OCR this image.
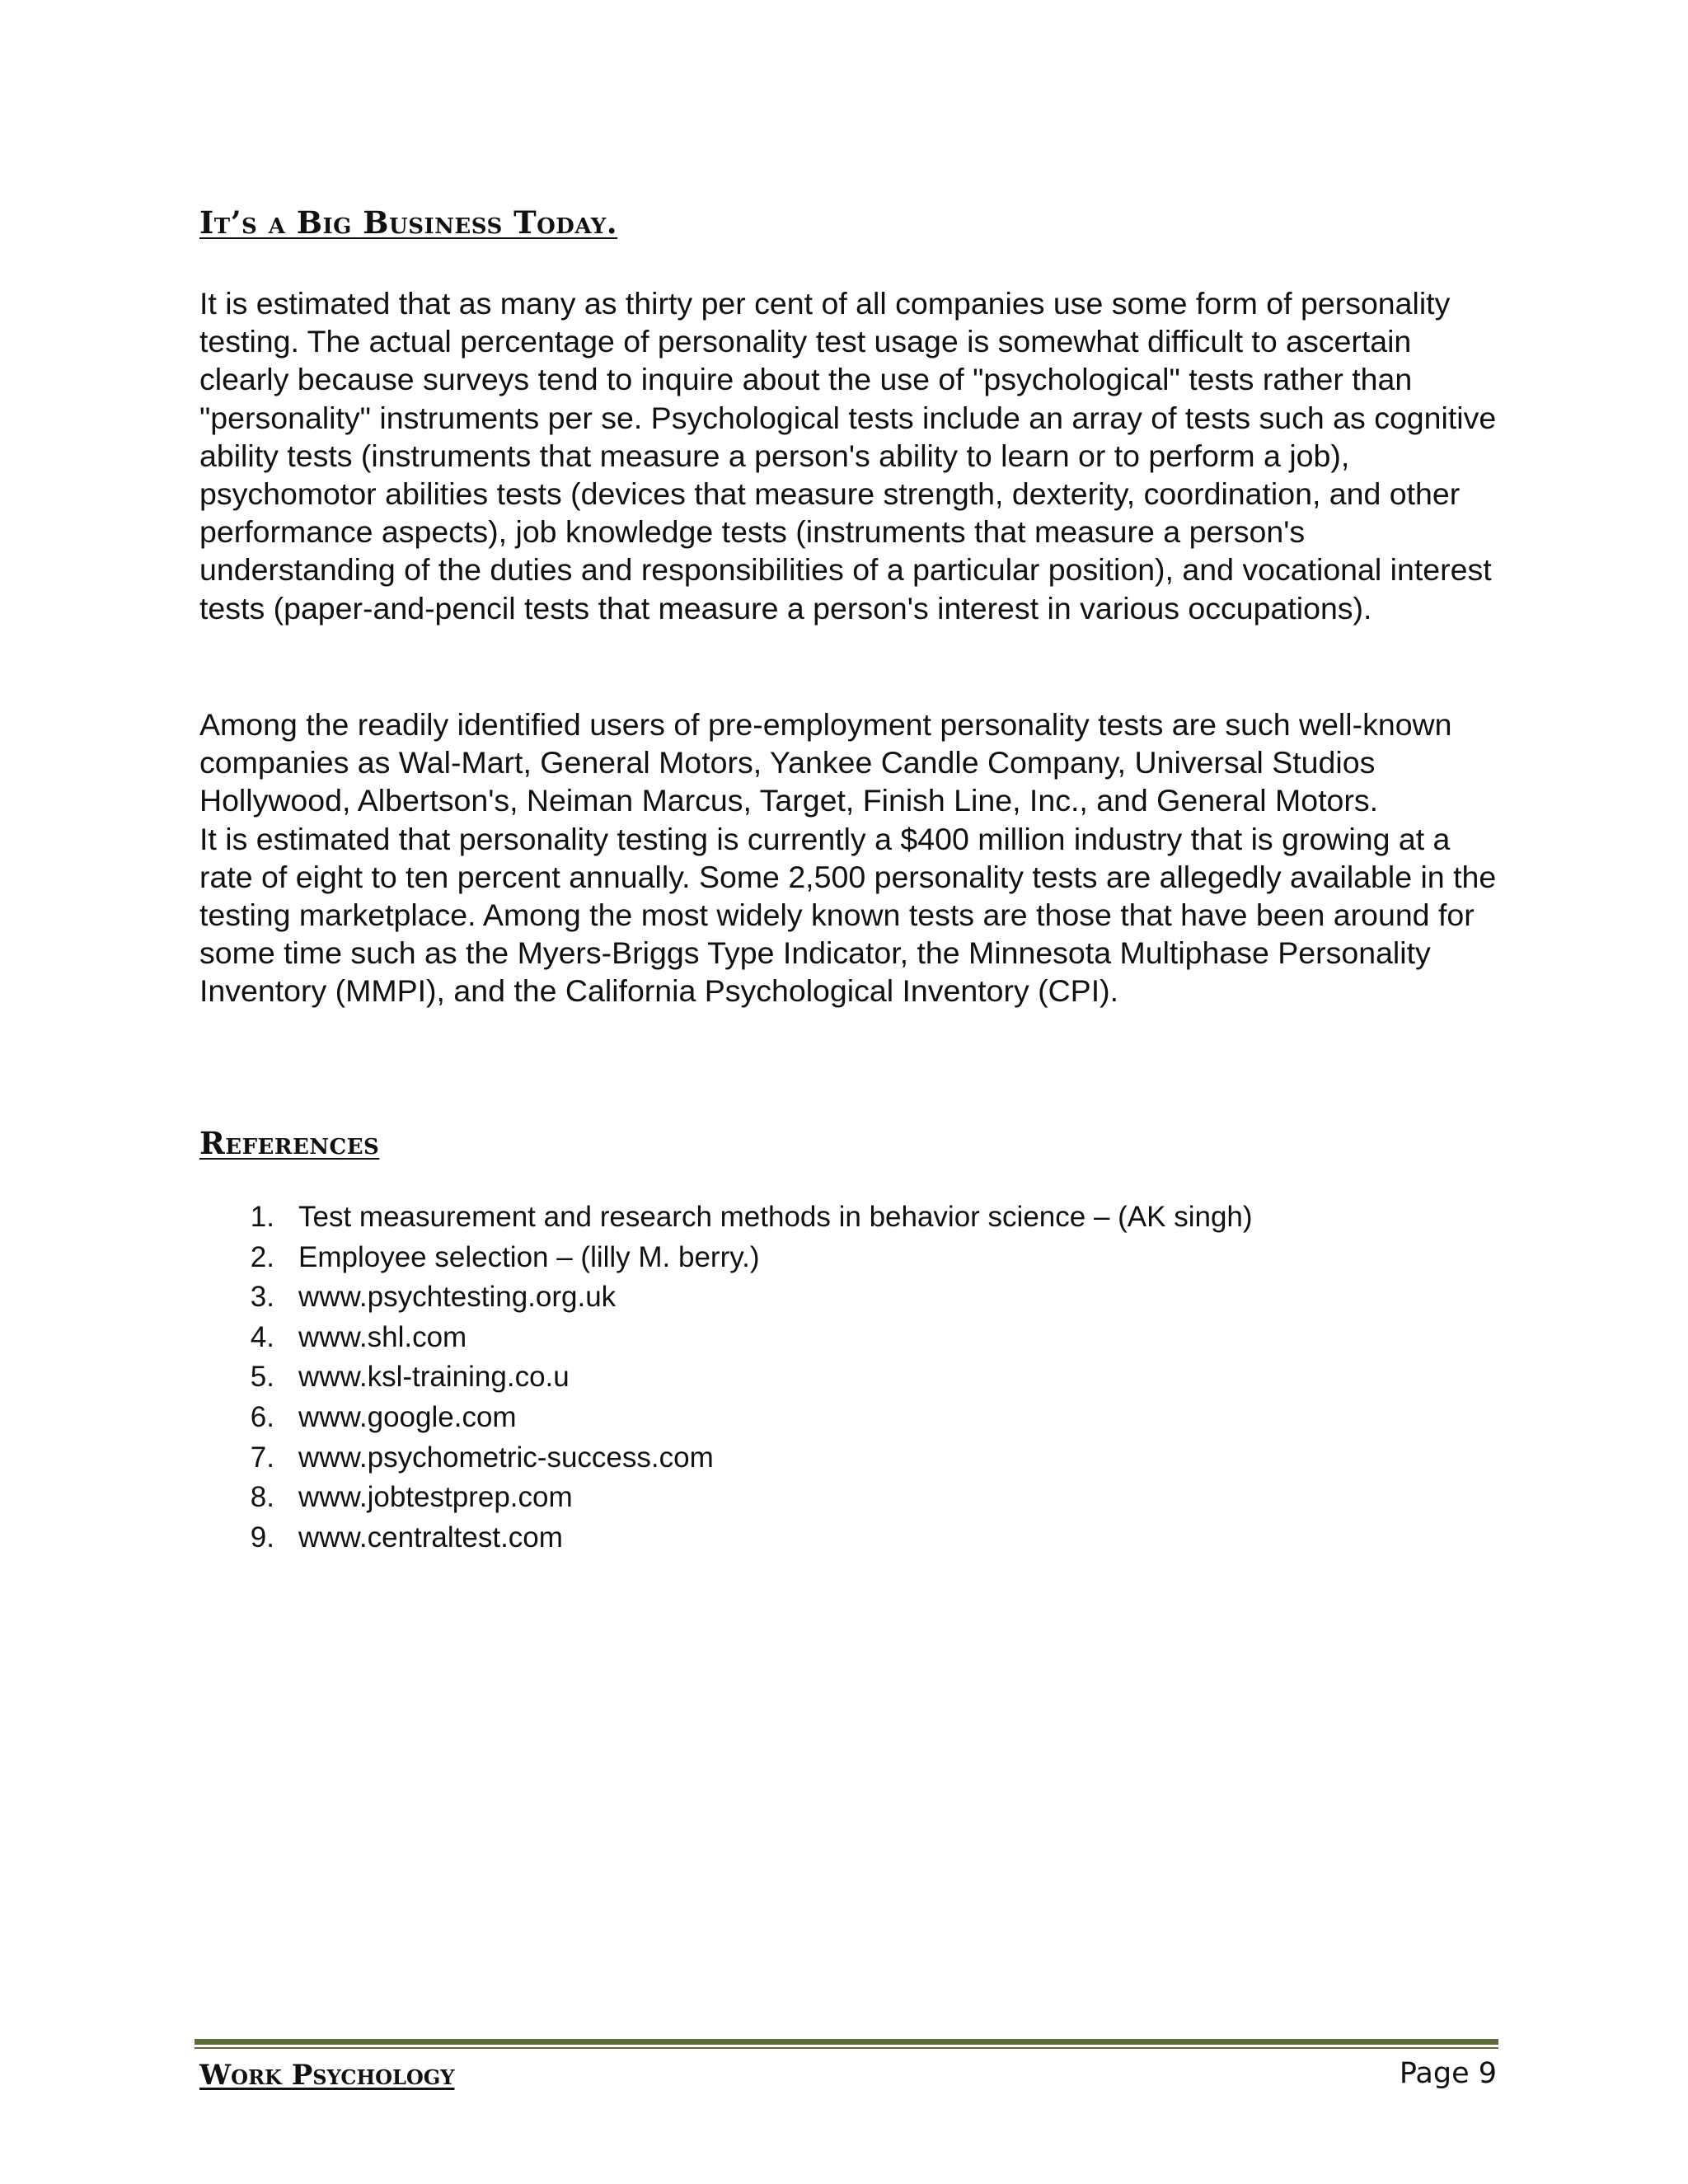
It’s a Big Business Today.

It is estimated that as many as thirty per cent of all companies use some form of personality testing. The actual percentage of personality test usage is somewhat difficult to ascertain clearly because surveys tend to inquire about the use of "psychological" tests rather than "personality" instruments per se. Psychological tests include an array of tests such as cognitive ability tests (instruments that measure a person's ability to learn or to perform a job), psychomotor abilities tests (devices that measure strength, dexterity, coordination, and other performance aspects), job knowledge tests (instruments that measure a person's understanding of the duties and responsibilities of a particular position), and vocational interest tests (paper-and-pencil tests that measure a person's interest in various occupations).

Among the readily identified users of pre-employment personality tests are such well-known companies as Wal-Mart, General Motors, Yankee Candle Company, Universal Studios Hollywood, Albertson's, Neiman Marcus, Target, Finish Line, Inc., and General Motors.
It is estimated that personality testing is currently a $400 million industry that is growing at a rate of eight to ten percent annually. Some 2,500 personality tests are allegedly available in the testing marketplace. Among the most widely known tests are those that have been around for some time such as the Myers-Briggs Type Indicator, the Minnesota Multiphase Personality Inventory (MMPI), and the California Psychological Inventory (CPI).
References
1. Test measurement and research methods in behavior science – (AK singh)
2. Employee selection – (lilly M. berry.)
3. www.psychtesting.org.uk
4. www.shl.com
5. www.ksl-training.co.u
6. www.google.com
7. www.psychometric-success.com
8. www.jobtestprep.com
9. www.centraltest.com
Work Psychology	Page 9
